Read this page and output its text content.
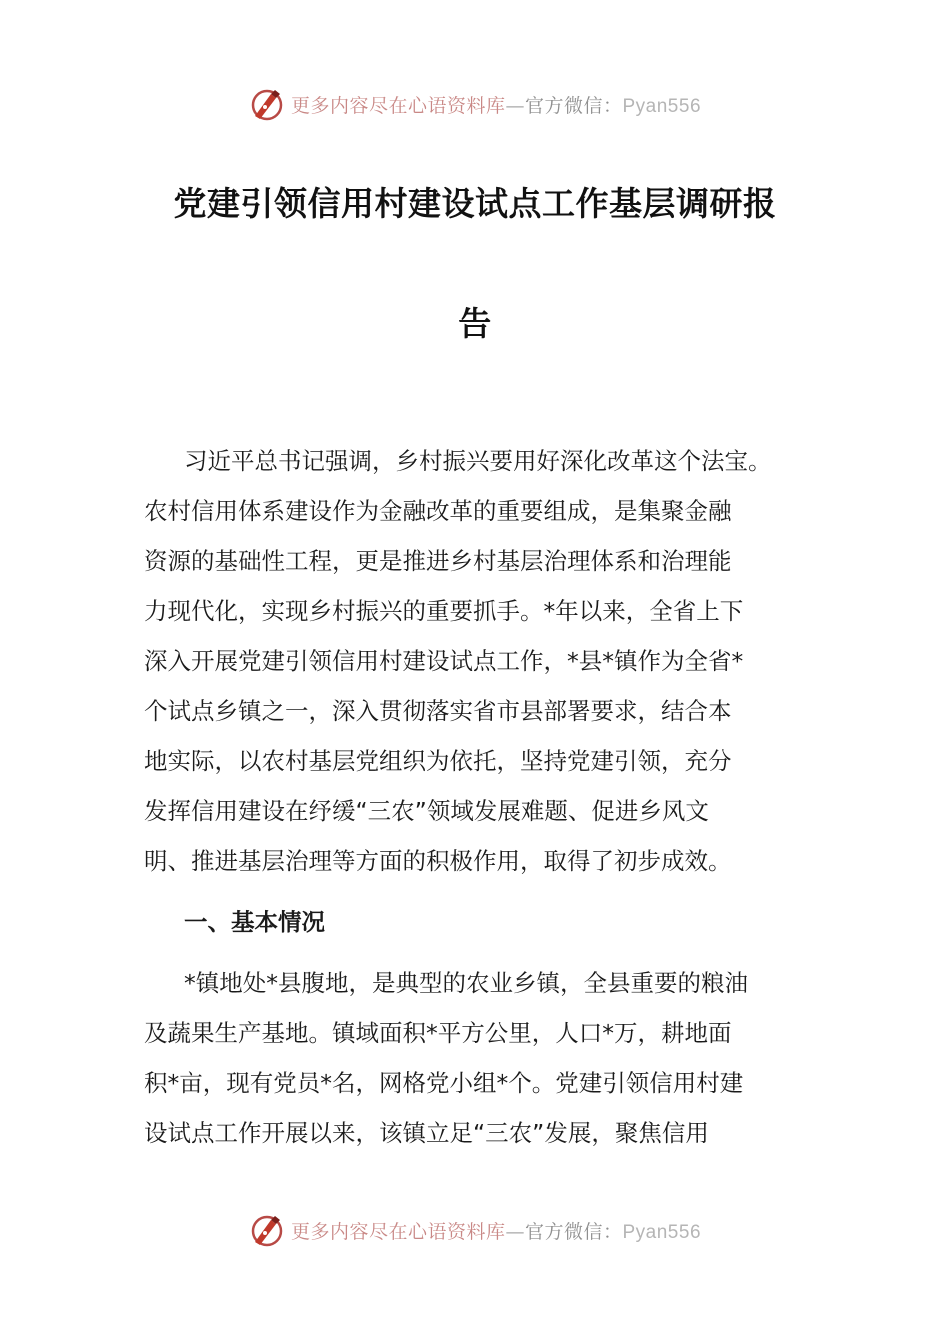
更多内容尽在心语资料库—官方微信：Pyan556
党建引领信用村建设试点工作基层调研报
告
习近平总书记强调，乡村振兴要用好深化改革这个法宝。
农村信用体系建设作为金融改革的重要组成，是集聚金融
资源的基础性工程，更是推进乡村基层治理体系和治理能
力现代化，实现乡村振兴的重要抓手。*年以来，全省上下
深入开展党建引领信用村建设试点工作，*县*镇作为全省*
个试点乡镇之一，深入贯彻落实省市县部署要求，结合本
地实际，以农村基层党组织为依托，坚持党建引领，充分
发挥信用建设在纾缓“三农”领域发展难题、促进乡风文
明、推进基层治理等方面的积极作用，取得了初步成效。
一、基本情况
*镇地处*县腹地，是典型的农业乡镇，全县重要的粮油
及蔬果生产基地。镇域面积*平方公里，人口*万，耕地面
积*亩，现有党员*名，网格党小组*个。党建引领信用村建
设试点工作开展以来，该镇立足“三农”发展，聚焦信用
更多内容尽在心语资料库—官方微信：Pyan556
